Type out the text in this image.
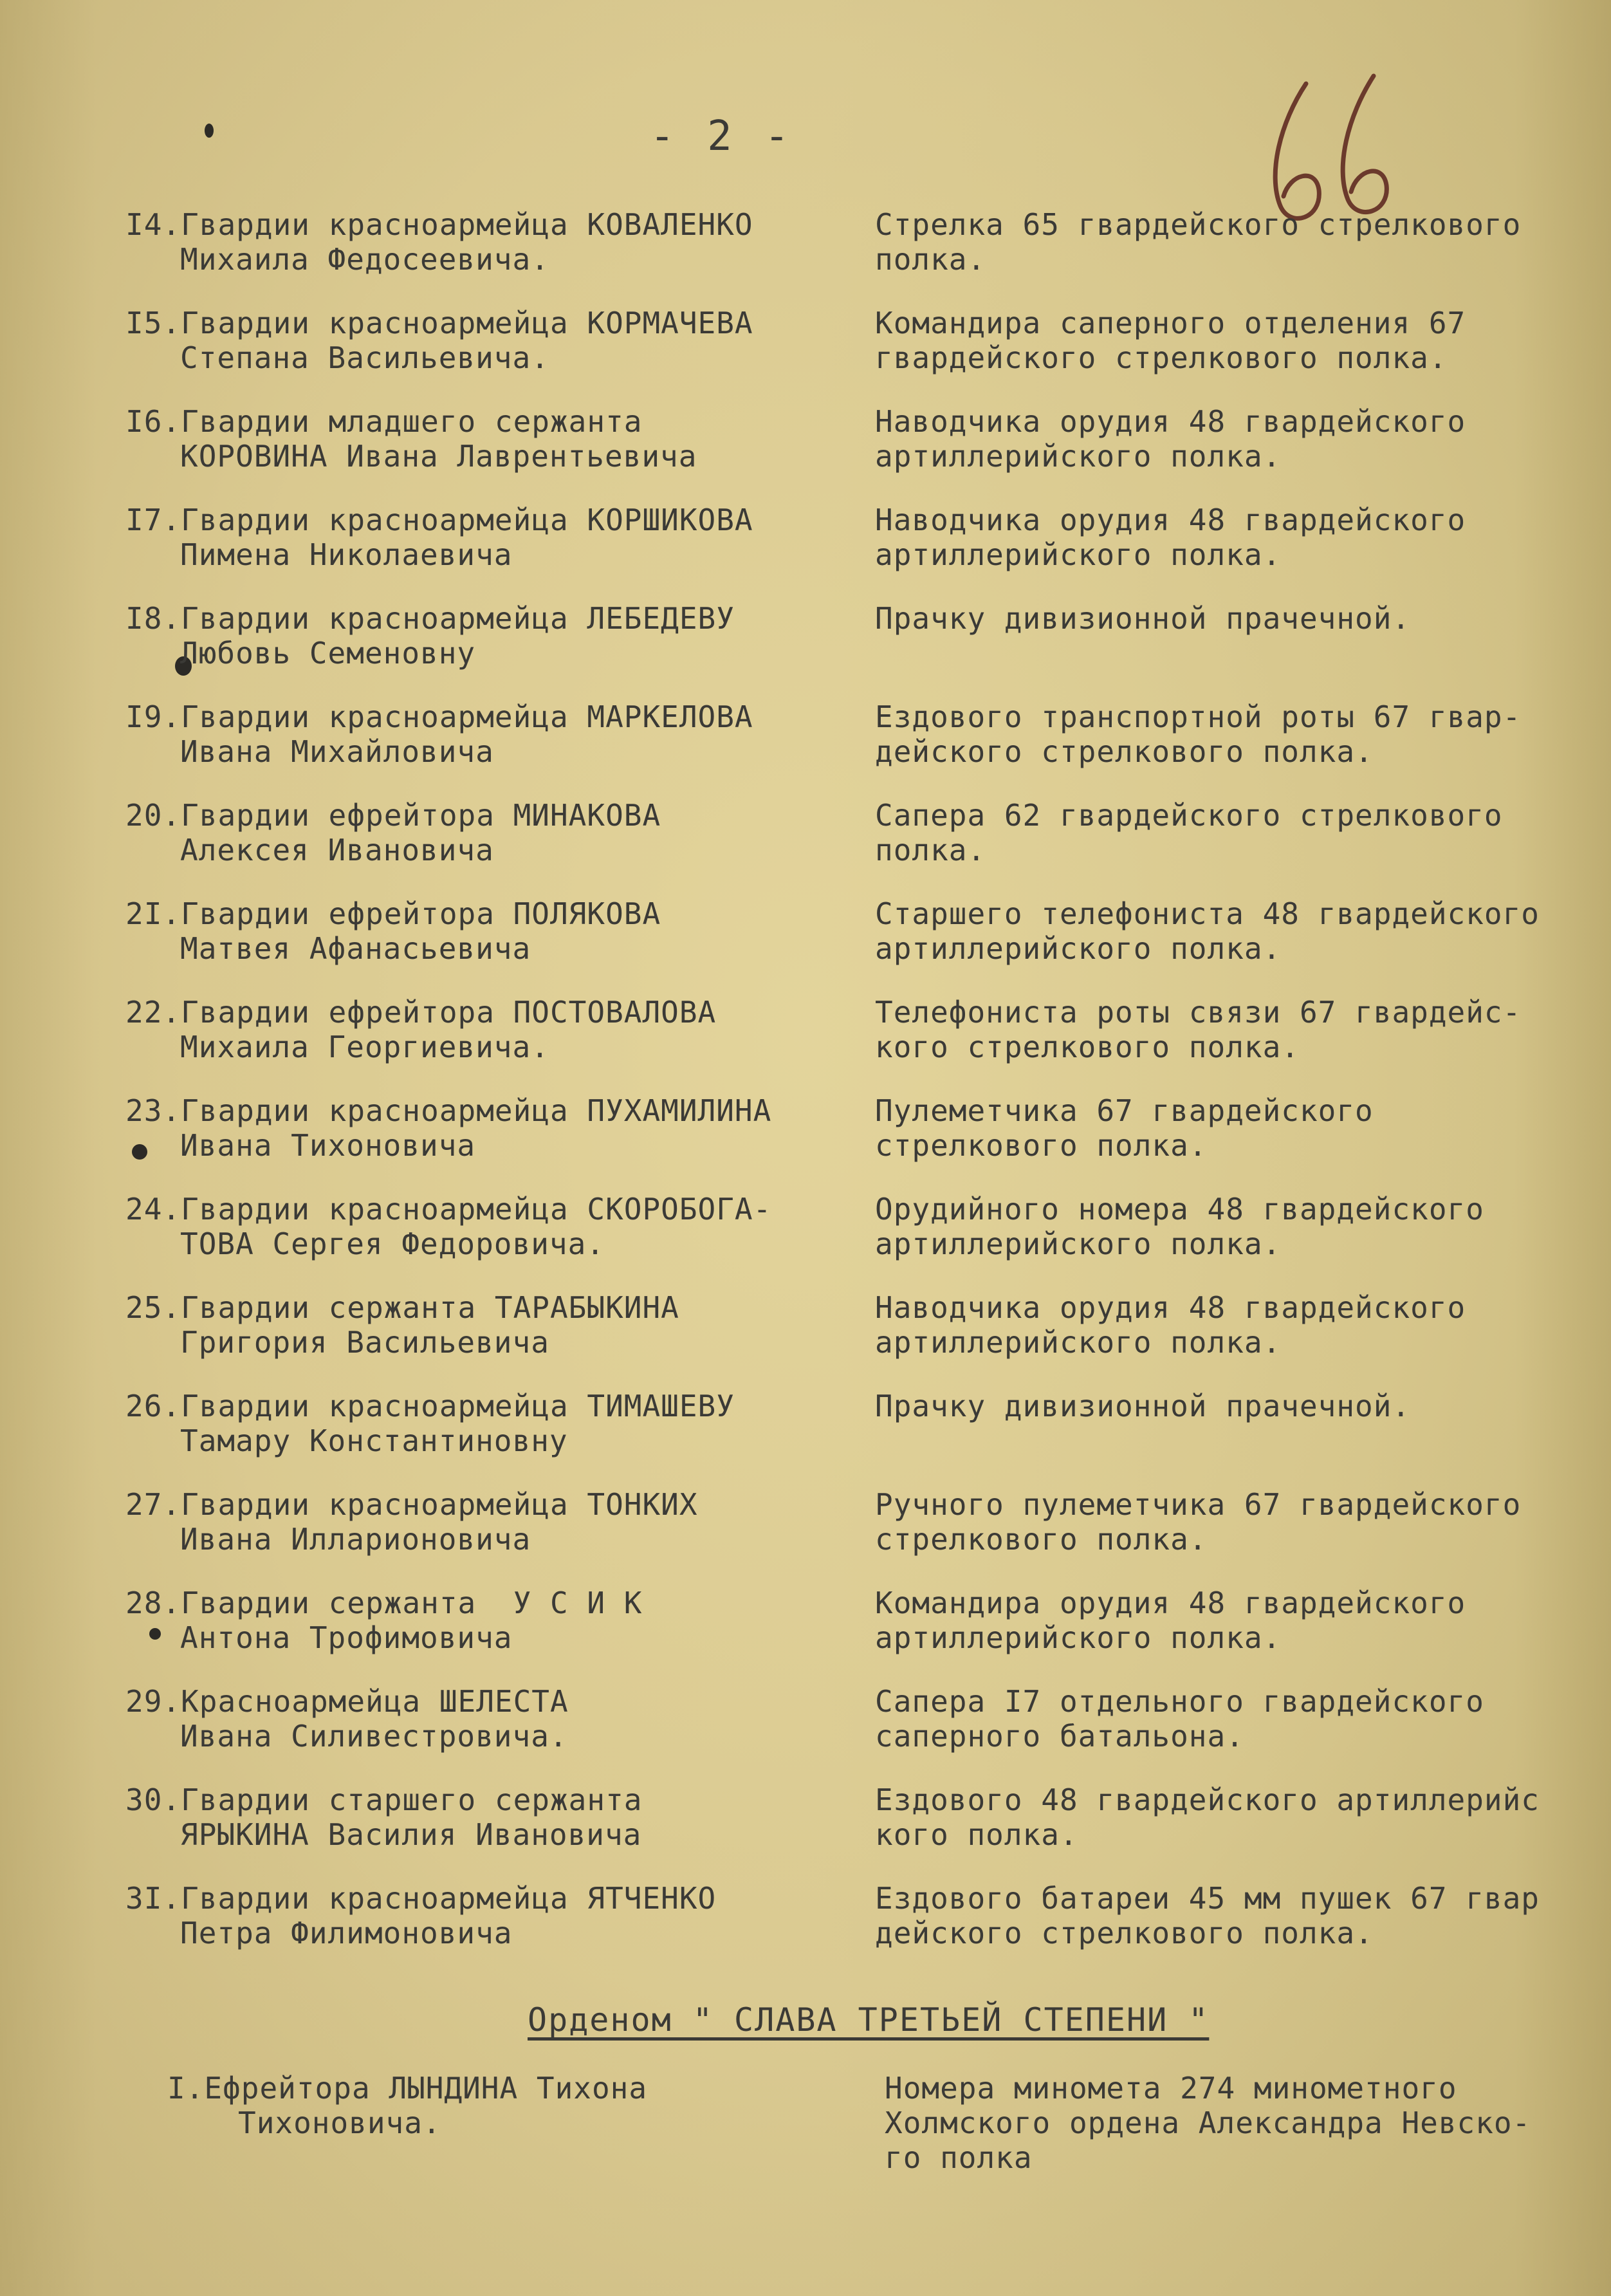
- 2 -
I4.Гвардии красноармейца КОВАЛЕНКО
Михаила Федосеевича.
Стрелка 65 гвардейского стрелкового
полка.
I5.Гвардии красноармейца КОРМАЧЕВА
Степана Васильевича.
Командира саперного отделения 67
гвардейского стрелкового полка.
I6.Гвардии младшего сержанта
КОРОВИНА Ивана Лаврентьевича
Наводчика орудия 48 гвардейского
артиллерийского полка.
I7.Гвардии красноармейца КОРШИКОВА
Пимена Николаевича
Наводчика орудия 48 гвардейского
артиллерийского полка.
I8.Гвардии красноармейца ЛЕБЕДЕВУ
Любовь Семеновну
Прачку дивизионной прачечной.
I9.Гвардии красноармейца МАРКЕЛОВА
Ивана Михайловича
Ездового транспортной роты 67 гвар-
дейского стрелкового полка.
20.Гвардии ефрейтора МИНАКОВА
Алексея Ивановича
Сапера 62 гвардейского стрелкового
полка.
2I.Гвардии ефрейтора ПОЛЯКОВА
Матвея Афанасьевича
Старшего телефониста 48 гвардейского
артиллерийского полка.
22.Гвардии ефрейтора ПОСТОВАЛОВА
Михаила Георгиевича.
Телефониста роты связи 67 гвардейс-
кого стрелкового полка.
23.Гвардии красноармейца ПУХАМИЛИНА
Ивана Тихоновича
Пулеметчика 67 гвардейского
стрелкового полка.
24.Гвардии красноармейца СКОРОБОГА-
ТОВА Сергея Федоровича.
Орудийного номера 48 гвардейского
артиллерийского полка.
25.Гвардии сержанта ТАРАБЫКИНА
Григория Васильевича
Наводчика орудия 48 гвардейского
артиллерийского полка.
26.Гвардии красноармейца ТИМАШЕВУ
Тамару Константиновну
Прачку дивизионной прачечной.
27.Гвардии красноармейца ТОНКИХ
Ивана Илларионовича
Ручного пулеметчика 67 гвардейского
стрелкового полка.
28.Гвардии сержанта  У С И К
Антона Трофимовича
Командира орудия 48 гвардейского
артиллерийского полка.
29.Красноармейца ШЕЛЕСТА
Ивана Силивестровича.
Сапера I7 отдельного гвардейского
саперного батальона.
30.Гвардии старшего сержанта
ЯРЫКИНА Василия Ивановича
Ездового 48 гвардейского артиллерийс
кого полка.
3I.Гвардии красноармейца ЯТЧЕНКО
Петра Филимоновича
Ездового батареи 45 мм пушек 67 гвар
дейского стрелкового полка.
Орденом " СЛАВА ТРЕТЬЕЙ СТЕПЕНИ "
I.Ефрейтора ЛЫНДИНА Тихона
Тихоновича.
Номера миномета 274 минометного
Холмского ордена Александра Невско-
го полка
